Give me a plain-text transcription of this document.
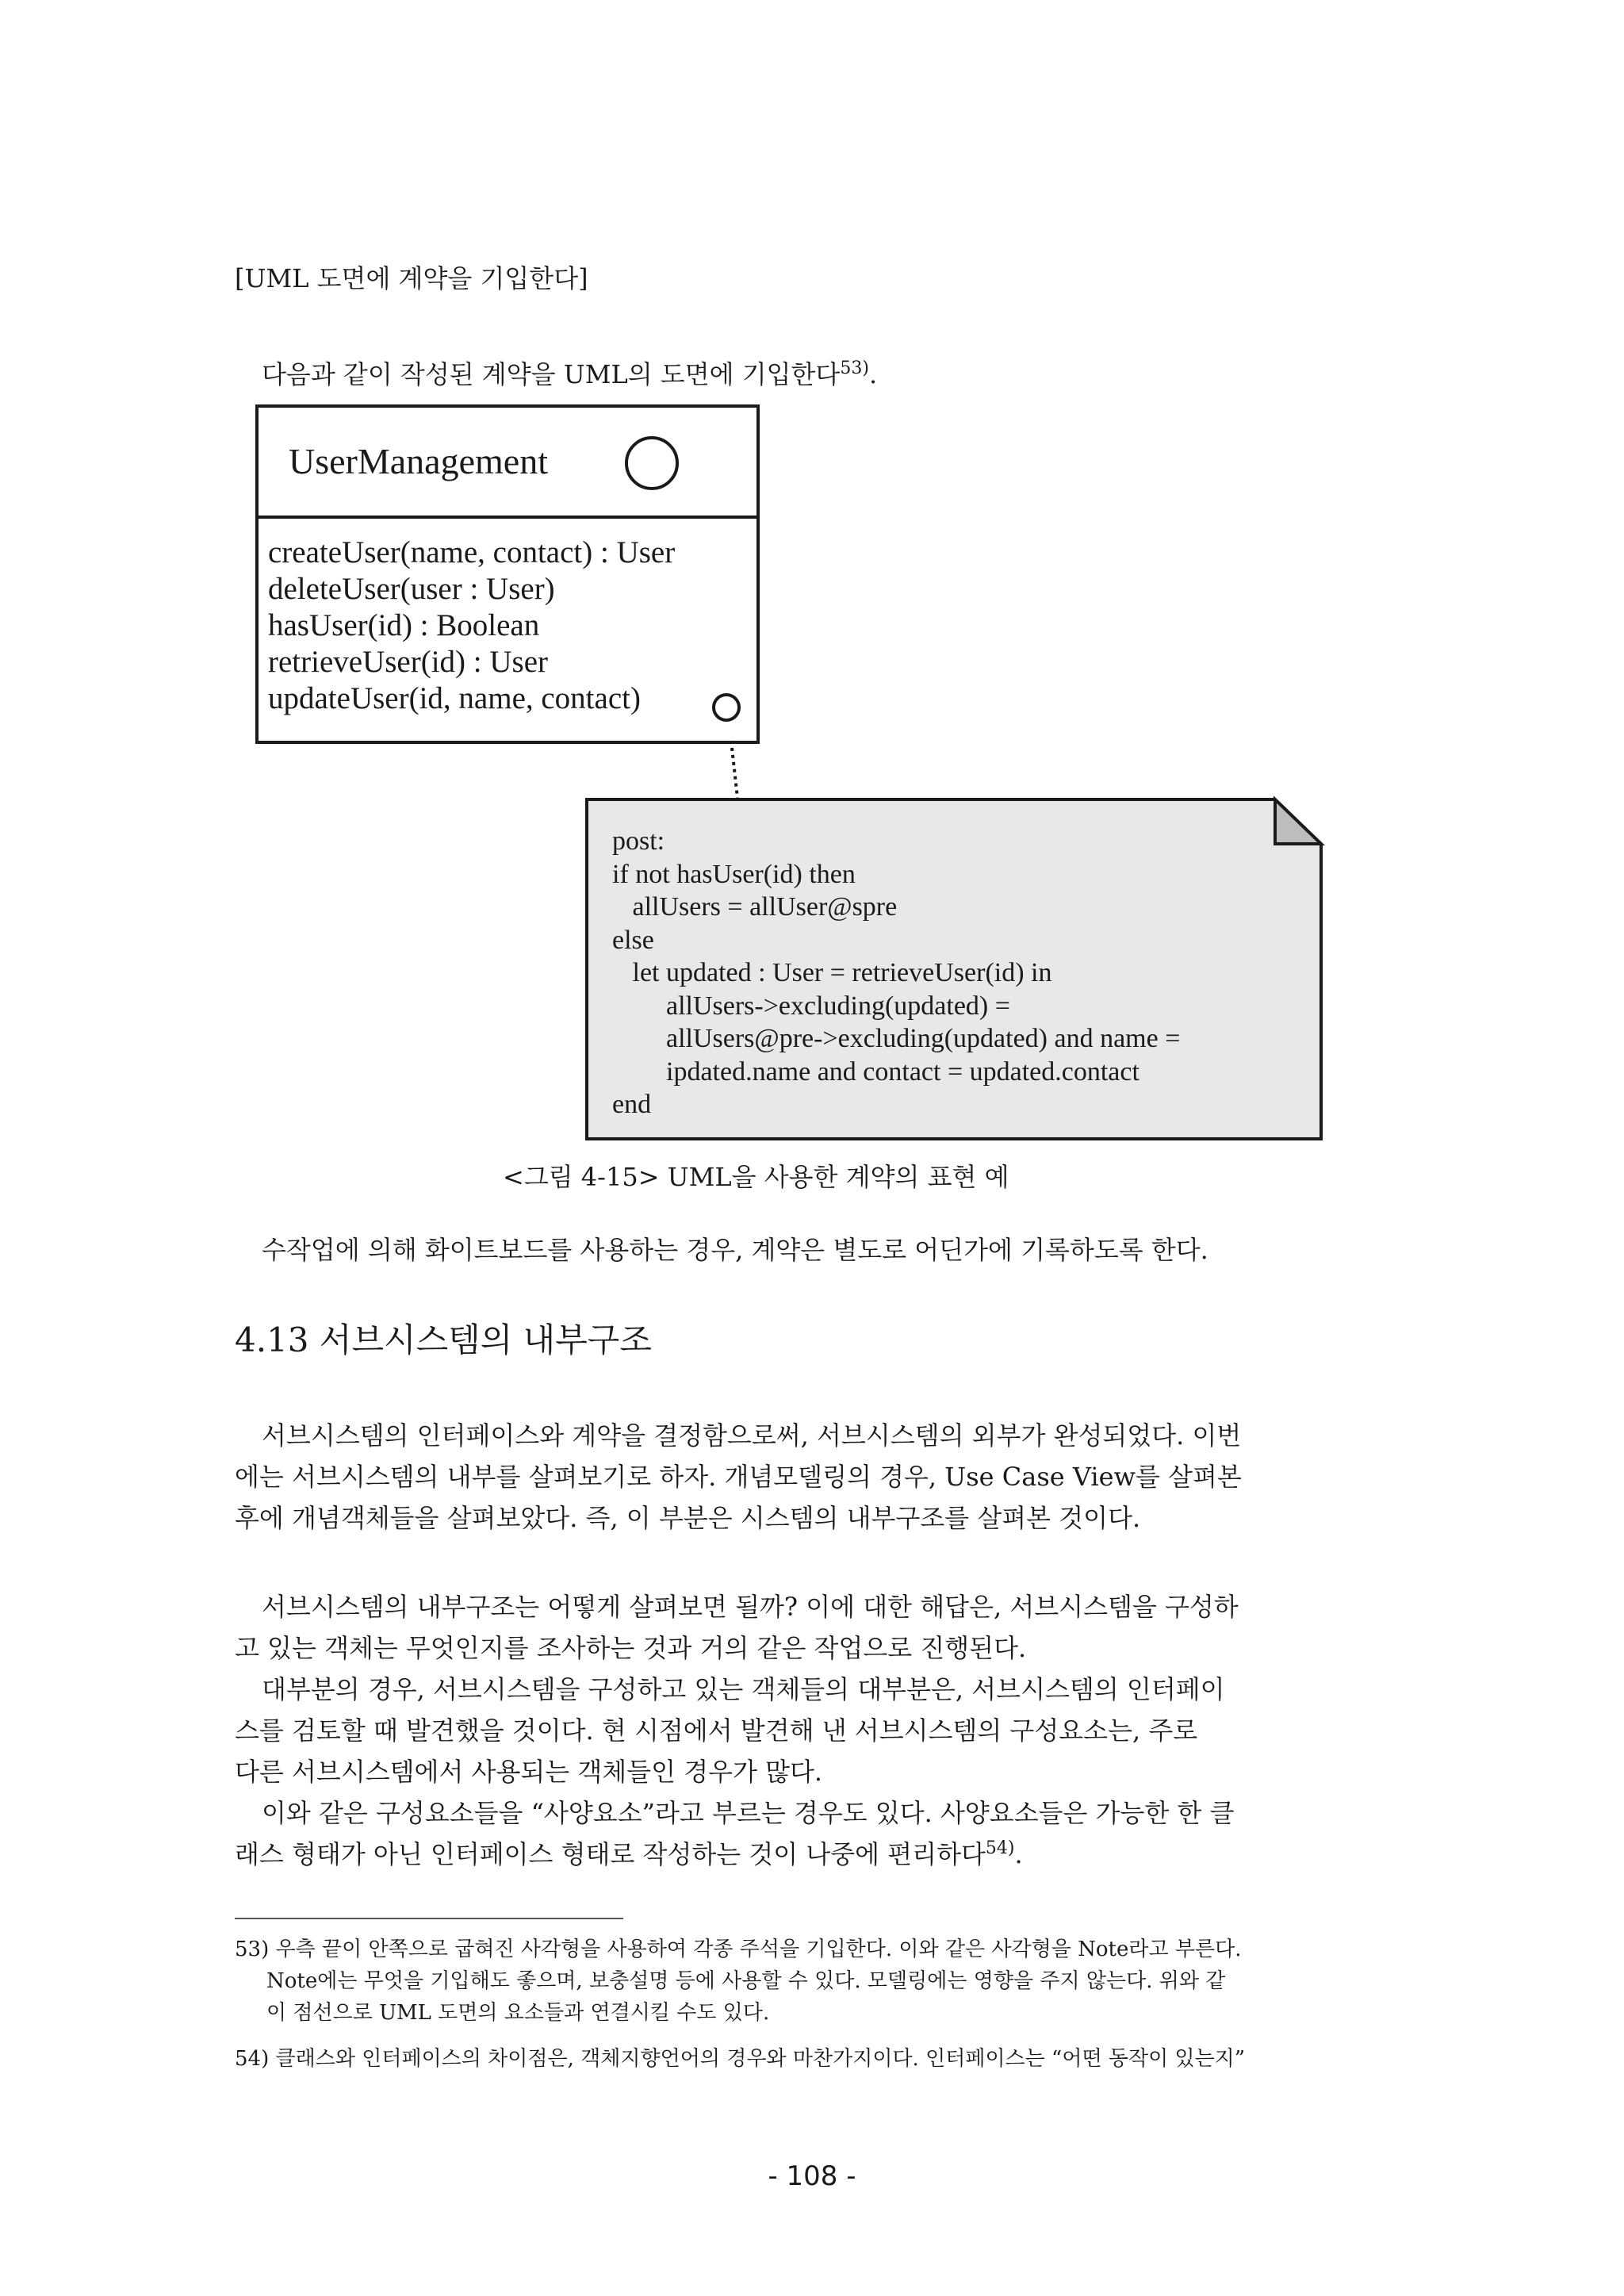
[UML 도면에 계약을 기입한다]
다음과 같이 작성된 계약을 UML의 도면에 기입한다$^{53)}$.
UserManagement
createUser(name, contact) : User
deleteUser(user : User)
hasUser(id) : Boolean
retrieveUser(id) : User
updateUser(id, name, contact)
post:
if not hasUser(id) then
allUsers = allUser@spre
else
let updated : User = retrieveUser(id) in
allUsers->excluding(updated) =
allUsers@pre->excluding(updated) and name =
ipdated.name and contact = updated.contact
end
<그림 4-15> UML을 사용한 계약의 표현 예
수작업에 의해 화이트보드를 사용하는 경우, 계약은 별도로 어딘가에 기록하도록 한다.
4.13 서브시스템의 내부구조
서브시스템의 인터페이스와 계약을 결정함으로써, 서브시스템의 외부가 완성되었다. 이번
에는 서브시스템의 내부를 살펴보기로 하자. 개념모델링의 경우, Use Case View를 살펴본
후에 개념객체들을 살펴보았다. 즉, 이 부분은 시스템의 내부구조를 살펴본 것이다.
서브시스템의 내부구조는 어떻게 살펴보면 될까? 이에 대한 해답은, 서브시스템을 구성하
고 있는 객체는 무엇인지를 조사하는 것과 거의 같은 작업으로 진행된다.
대부분의 경우, 서브시스템을 구성하고 있는 객체들의 대부분은, 서브시스템의 인터페이
스를 검토할 때 발견했을 것이다. 현 시점에서 발견해 낸 서브시스템의 구성요소는, 주로
다른 서브시스템에서 사용되는 객체들인 경우가 많다.
이와 같은 구성요소들을 “사양요소”라고 부르는 경우도 있다. 사양요소들은 가능한 한 클
래스 형태가 아닌 인터페이스 형태로 작성하는 것이 나중에 편리하다$^{54)}$.
53) 우측 끝이 안쪽으로 굽혀진 사각형을 사용하여 각종 주석을 기입한다. 이와 같은 사각형을 Note라고 부른다.
Note에는 무엇을 기입해도 좋으며, 보충설명 등에 사용할 수 있다. 모델링에는 영향을 주지 않는다. 위와 같
이 점선으로 UML 도면의 요소들과 연결시킬 수도 있다.
54) 클래스와 인터페이스의 차이점은, 객체지향언어의 경우와 마찬가지이다. 인터페이스는 “어떤 동작이 있는지”
- 108 -
